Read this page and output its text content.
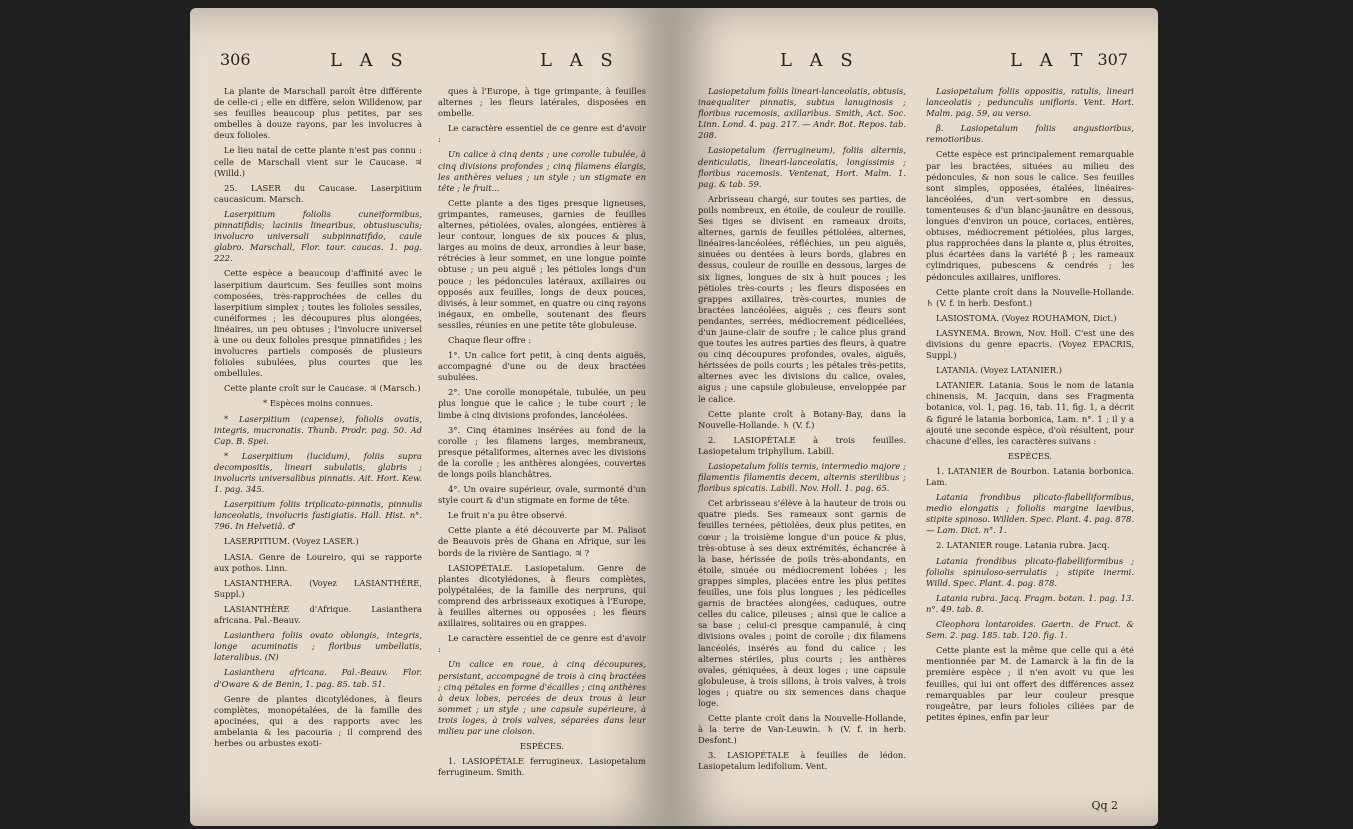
306	L A S	L A S

La plante de Marschall paroît être différente de celle-ci ; elle en diffère, selon Willdenow, par ses feuilles beaucoup plus petites, par ses ombelles à douze rayons, par les involucres à deux folioles.

Le lieu natal de cette plante n'est pas connu : celle de Marschall vient sur le Caucase. ♃ (Willd.)

25. LASER du Caucase. Laserpitium caucasicum. Marsch.

Laserpitium foliolis cuneiformibus, pinnatifidis; laciniis linearibus, obtusiusculis; involucro universali subpinnatifido, caule glabro. Marschall, Flor. taur. caucas. 1. pag. 222.

Cette espèce a beaucoup d'affinité avec le laserpitium dauricum. Ses feuilles sont moins composées, très-rapprochées de celles du laserpitium simplex ; toutes les folioles sessiles, cunéiformes ; les découpures plus alongées, linéaires, un peu obtuses ; l'involucre universel à une ou deux folioles presque pinnatifides ; les involucres partiels composés de plusieurs folioles subulées, plus courtes que les ombellules.

Cette plante croît sur le Caucase. ♃ (Marsch.)

* Espèces moins connues.

* Laserpitium (capense), foliolis ovatis, integris, mucronatis. Thunb. Prodr. pag. 50. Ad Cap. B. Spei.

* Laserpitium (lucidum), foliis supra decompositis, lineari subulatis, glabris ; involucris universalibus pinnatis. Ait. Hort. Kew. 1. pag. 345.

Laserpitium foliis triplicato-pinnatis, pinnulis lanceolatis, involucris fastigiatis. Hall. Hist. n°. 796. In Helvetiâ. ♂

LASERPITIUM. (Voyez LASER.)

LASIA. Genre de Loureiro, qui se rapporte aux pothos. Linn.

LASIANTHERA. (Voyez LASIANTHÈRE, Suppl.)

LASIANTHÈRE d'Afrique. Lasianthera africana. Pal.-Beauv.

Lasianthera foliis ovato oblongis, integris, longe acuminatis ; floribus umbellatis, lateralibus. (N)

Lasianthera africana. Pal.-Beauv. Flor. d'Oware & de Benin, 1. pag. 85. tab. 51.

Genre de plantes dicotylédones, à fleurs complètes, monopétalées, de la famille des apocinées, qui a des rapports avec les ambelania & les pacouria ; il comprend des herbes ou arbustes exoti-

ques à l'Europe, à tige grimpante, à feuilles alternes ; les fleurs latérales, disposées en ombelle.

Le caractère essentiel de ce genre est d'avoir :

Un calice à cinq dents ; une corolle tubulée, à cinq divisions profondes ; cinq filamens élargis, les anthères velues ; un style ; un stigmate en tête ; le fruit...

Cette plante a des tiges presque ligneuses, grimpantes, rameuses, garnies de feuilles alternes, pétiolées, ovales, alongées, entières à leur contour, longues de six pouces & plus, larges au moins de deux, arrondies à leur base, rétrécies à leur sommet, en une longue pointe obtuse ; un peu aiguë ; les pétioles longs d'un pouce ; les pédoncules latéraux, axillaires ou opposés aux feuilles, longs de deux pouces, divisés, à leur sommet, en quatre ou cinq rayons inégaux, en ombelle, soutenant des fleurs sessiles, réunies en une petite tête globuleuse.

Chaque fleur offre :

1°. Un calice fort petit, à cinq dents aiguës, accompagné d'une ou de deux bractées subulées.

2°. Une corolle monopétale, tubulée, un peu plus longue que le calice ; le tube court ; le limbe à cinq divisions profondes, lancéolées.

3°. Cinq étamines insérées au fond de la corolle ; les filamens larges, membraneux, presque pétaliformes, alternes avec les divisions de la corolle ; les anthères alongées, couvertes de longs poils blanchâtres.

4°. Un ovaire supérieur, ovale, surmonté d'un style court & d'un stigmate en forme de tête.

Le fruit n'a pu être observé.

Cette plante a été découverte par M. Palisot de Beauvois près de Ghana en Afrique, sur les bords de la rivière de Santiago. ♃ ?

LASIOPÉTALE. Lasiopetalum. Genre de plantes dicotylédones, à fleurs complètes, polypétalées, de la famille des nerpruns, qui comprend des arbrisseaux exotiques à l'Europe, à feuilles alternes ou opposées ; les fleurs axillaires, solitaires ou en grappes.

Le caractère essentiel de ce genre est d'avoir :

Un calice en roue, à cinq découpures, persistant, accompagné de trois à cinq bractées ; cinq pétales en forme d'écailles ; cinq anthères à deux lobes, percées de deux trous à leur sommet ; un style ; une capsule supérieure, à trois loges, à trois valves, séparées dans leur milieu par une cloison.

ESPÈCES.

1. LASIOPÉTALE ferrugineux. Lasiopetalum ferrugineum. Smith.

L A S	L A T 307

Lasiopetalum foliis lineari-lanceolatis, obtusis, inaequaliter pinnatis, subtus lanuginosis ; floribus racemosis, axillaribus. Smith, Act. Soc. Linn. Lond. 4. pag. 217. — Andr. Bot. Repos. tab. 208.

Lasiopetalum (ferrugineum), foliis alternis, denticulatis, lineari-lanceolatis, longissimis ; floribus racemosis. Ventenat, Hort. Malm. 1. pag. & tab. 59.

Arbrisseau chargé, sur toutes ses parties, de poils nombreux, en étoile, de couleur de rouille. Ses tiges se divisent en rameaux droits, alternes, garnis de feuilles pétiolées, alternes, linéaires-lancéolées, réfléchies, un peu aiguës, sinuées ou dentées à leurs bords, glabres en dessus, couleur de rouille en dessous, larges de six lignes, longues de six à huit pouces ; les pétioles très-courts ; les fleurs disposées en grappes axillaires, très-courtes, munies de bractées lancéolées, aiguës ; ces fleurs sont pendantes, serrées, médiocrement pédicellées, d'un jaune-clair de soufre ; le calice plus grand que toutes les autres parties des fleurs, à quatre ou cinq découpures profondes, ovales, aiguës, hérissées de poils courts ; les pétales très-petits, alternes avec les divisions du calice, ovales, aigus ; une capsule globuleuse, enveloppée par le calice.

Cette plante croît à Botany-Bay, dans la Nouvelle-Hollande. ♄ (V. f.)

2. LASIOPÉTALE à trois feuilles. Lasiopetalum triphyllum. Labill.

Lasiopetalum foliis ternis, intermedio majore ; filamentis filamentis decem, alternis sterilibus ; floribus spicatis. Labill. Nov. Holl. 1. pag. 65.

Cet arbrisseau s'élève à la hauteur de trois ou quatre pieds. Ses rameaux sont garnis de feuilles ternées, pétiolées, deux plus petites, en cœur ; la troisième longue d'un pouce & plus, très-obtuse à ses deux extrémités, échancrée à la base, hérissée de poils très-abondants, en étoile, sinuée ou médiocrement lobées ; les grappes simples, placées entre les plus petites feuilles, une fois plus longues ; les pédicelles garnis de bractées alongées, caduques, outre celles du calice, pileuses ; ainsi que le calice a sa base ; celui-ci presque campanulé, à cinq divisions ovales ; point de corolle ; dix filamens lancéolés, insérés au fond du calice ; les alternes stériles, plus courts ; les anthères ovales, géniquées, à deux loges ; une capsule globuleuse, à trois sillons, à trois valves, à trois loges ; quatre ou six semences dans chaque loge.

Cette plante croît dans la Nouvelle-Hollande, à la terre de Van-Leuwin. ♄ (V. f. in herb. Desfont.)

3. LASIOPÉTALE à feuilles de lédon. Lasiopetalum ledifolium. Vent.

Lasiopetalum foliis oppositis, ratulis, lineari lanceolatis ; pedunculis unifloris. Vent. Hort. Malm. pag. 59, au verso.

β. Lasiopetalum foliis angustioribus, remotioribus.

Cette espèce est principalement remarquable par les bractées, situées au milieu des pédoncules, & non sous le calice. Ses feuilles sont simples, opposées, étalées, linéaires-lancéolées, d'un vert-sombre en dessus, tomenteuses & d'un blanc-jaunâtre en dessous, longues d'environ un pouce, coriaces, entières, obtuses, médiocrement pétiolées, plus larges, plus rapprochées dans la plante α, plus étroites, plus écartées dans la variété β ; les rameaux cylindriques, pubescens & cendrés ; les pédoncules axillaires, uniflores.

Cette plante croît dans la Nouvelle-Hollande. ♄ (V. f. in herb. Desfont.)

LASIOSTOMA. (Voyez ROUHAMON, Dict.)

LASYNEMA. Brown, Nov. Holl. C'est une des divisions du genre epacris. (Voyez EPACRIS, Suppl.)

LATANIA. (Voyez LATANIER.)

LATANIER. Latania. Sous le nom de latania chinensis, M. Jacquin, dans ses Fragmenta botanica, vol. 1, pag. 16, tab. 11, fig. 1, a décrit & figuré le latania borbonica, Lam. n°. 1 ; il y a ajouté une seconde espèce, d'où résultent, pour chacune d'elles, les caractères suivans :

ESPÈCES.

1. LATANIER de Bourbon. Latania borbonica. Lam.

Latania frondibus plicato-flabelliformibus, medio elongatis ; foliolis margine laevibus, stipite spinoso. Willden. Spec. Plant. 4. pag. 878. — Lam. Dict. n°. 1.

2. LATANIER rouge. Latania rubra. Jacq.

Latania frondibus plicato-flabelliformibus ; foliolis spinuloso-serrulatis ; stipite inermi. Willd. Spec. Plant. 4. pag. 878.

Latania rubra. Jacq. Fragm. botan. 1. pag. 13. n°. 49. tab. 8.

Cleophora lontaroides. Gaertn. de Fruct. & Sem. 2. pag. 185. tab. 120. fig. 1.

Cette plante est la même que celle qui a été mentionnée par M. de Lamarck à la fin de la première espèce ; il n'en avoit vu que les feuilles, qui lui ont offert des différences assez remarquables par leur couleur presque rougeâtre, par leurs folioles ciliées par de petites épines, enfin par leur

Qq 2
